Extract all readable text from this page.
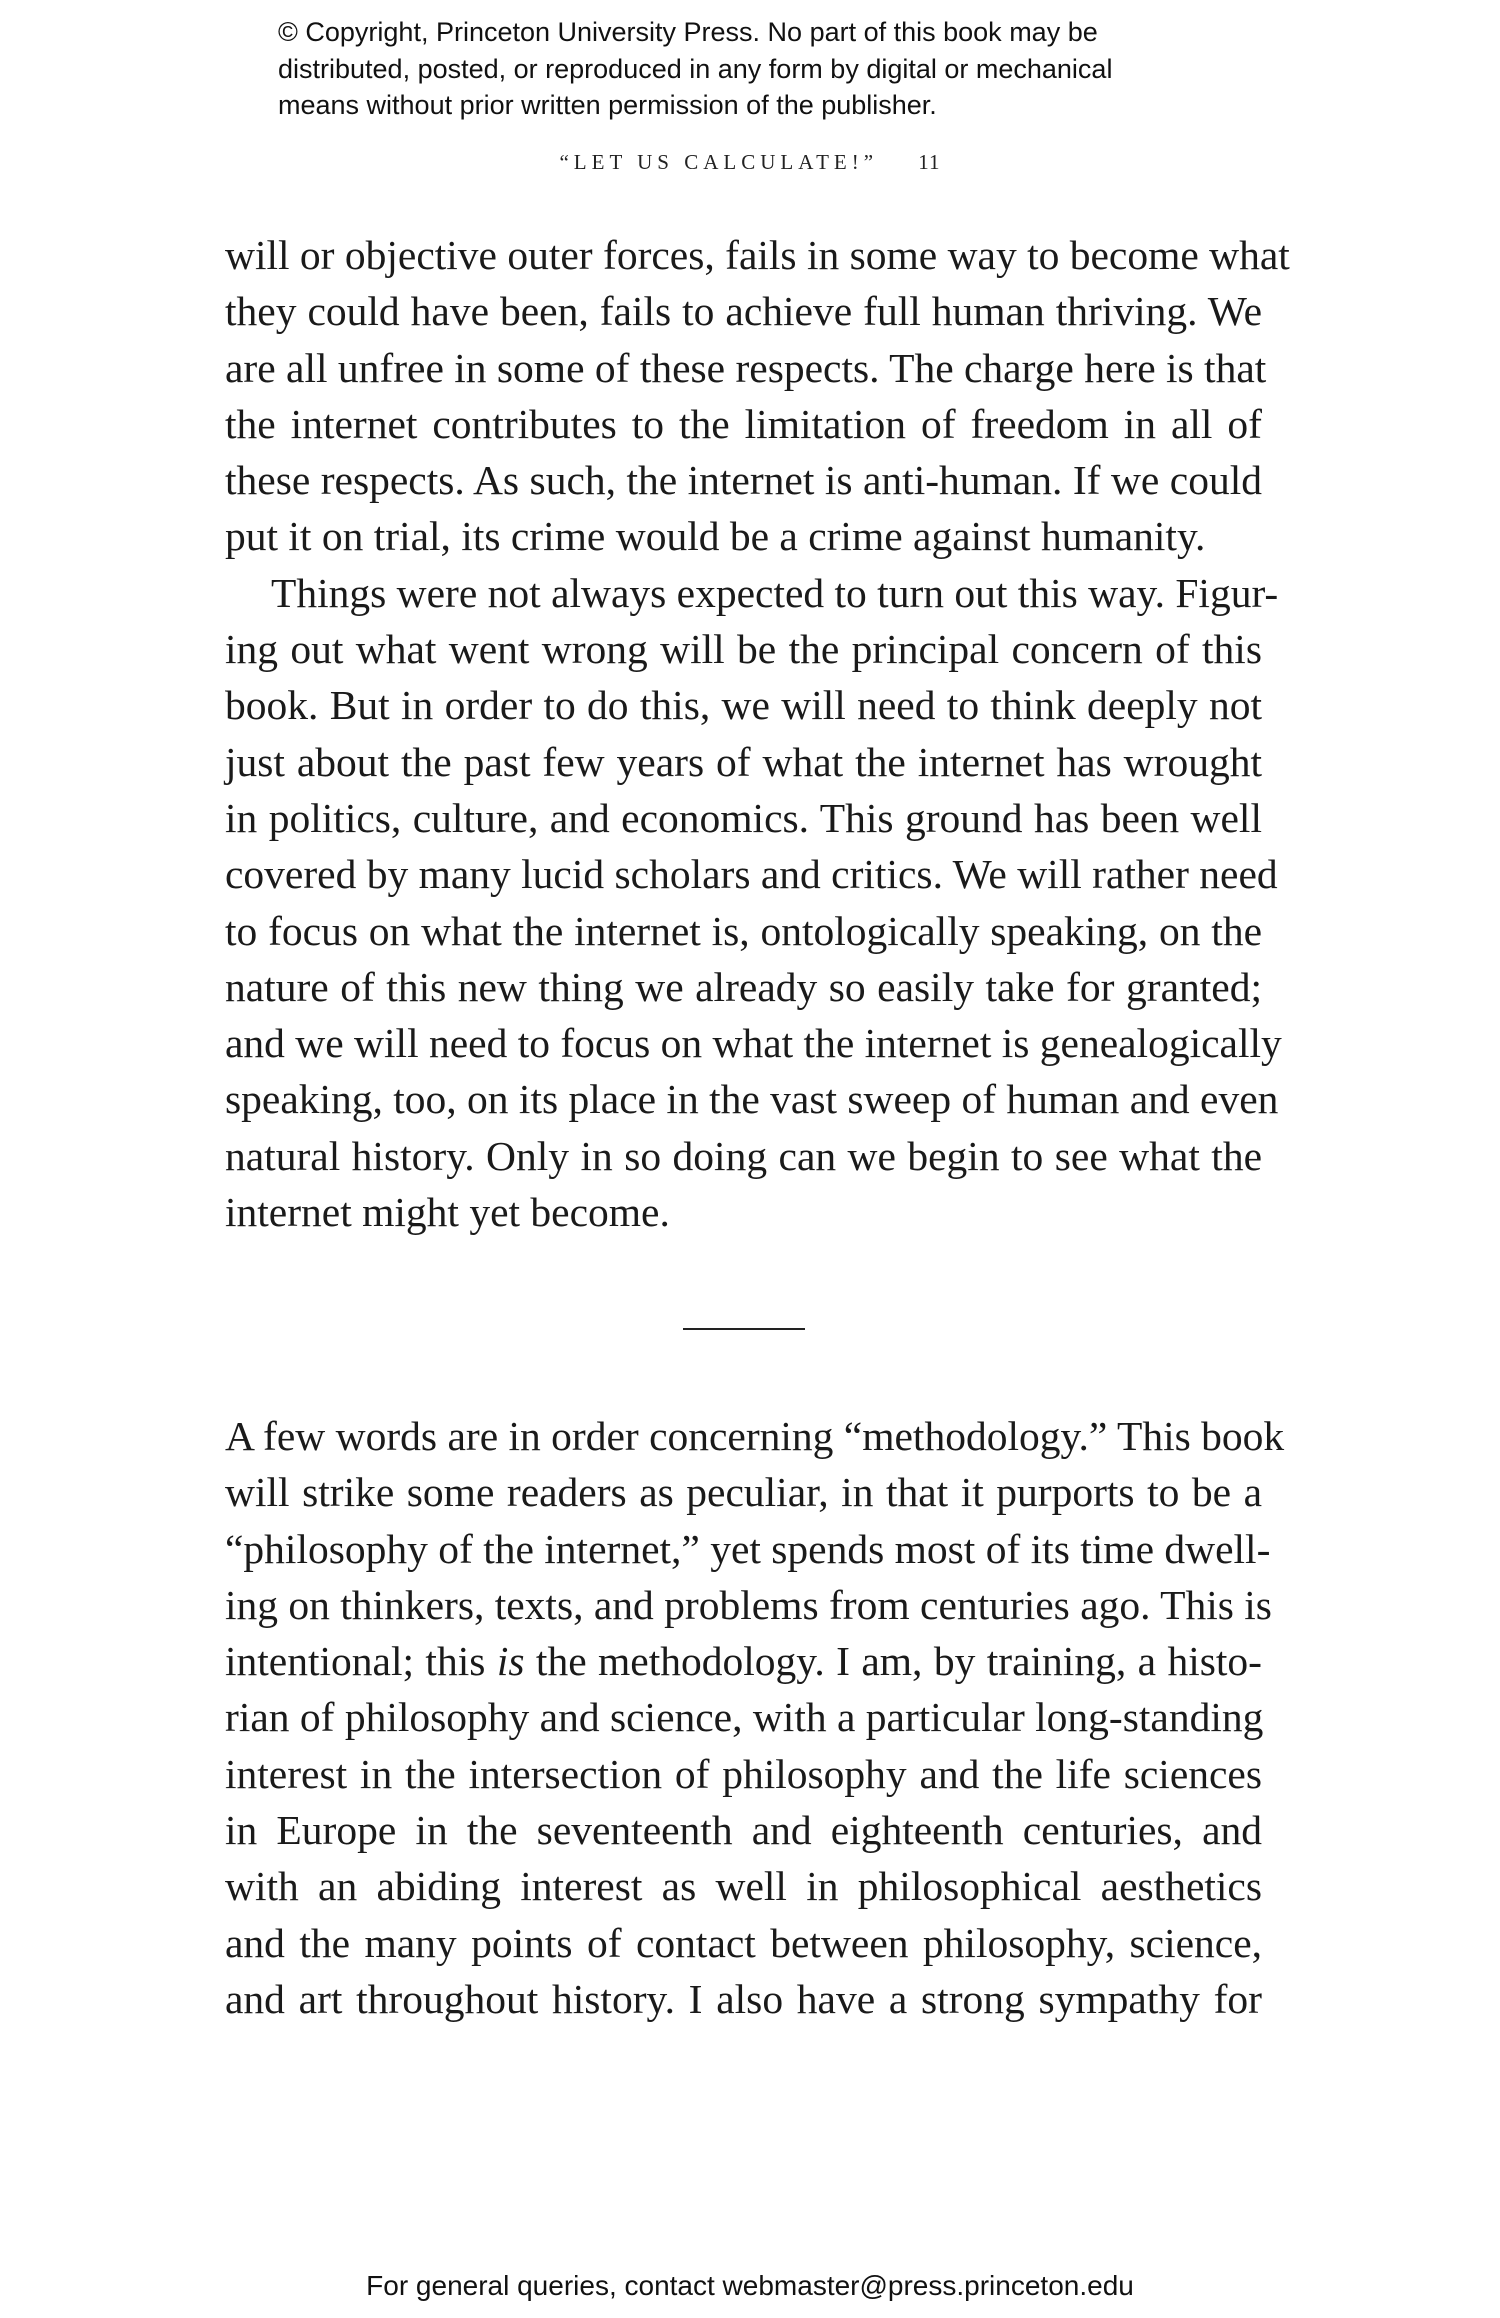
© Copyright, Princeton University Press. No part of this book may be
distributed, posted, or reproduced in any form by digital or mechanical
means without prior written permission of the publisher.
“LET US CALCULATE!” 11
will or objective outer forces, fails in some way to become what
they could have been, fails to achieve full human thriving. We
are all unfree in some of these respects. The charge here is that
the internet contributes to the limitation of freedom in all of
these respects. As such, the internet is anti-human. If we could
put it on trial, its crime would be a crime against humanity.
Things were not always expected to turn out this way. Figur-
ing out what went wrong will be the principal concern of this
book. But in order to do this, we will need to think deeply not
just about the past few years of what the internet has wrought
in politics, culture, and economics. This ground has been well
covered by many lucid scholars and critics. We will rather need
to focus on what the internet is, ontologically speaking, on the
nature of this new thing we already so easily take for granted;
and we will need to focus on what the internet is genealogically
speaking, too, on its place in the vast sweep of human and even
natural history. Only in so doing can we begin to see what the
internet might yet become.
A few words are in order concerning “methodology.” This book
will strike some readers as peculiar, in that it purports to be a
“philosophy of the internet,” yet spends most of its time dwell-
ing on thinkers, texts, and problems from centuries ago. This is
intentional; this is the methodology. I am, by training, a histo-
rian of philosophy and science, with a particular long-standing
interest in the intersection of philosophy and the life sciences
in Europe in the seventeenth and eighteenth centuries, and
with an abiding interest as well in philosophical aesthetics
and the many points of contact between philosophy, science,
and art throughout history. I also have a strong sympathy for
For general queries, contact webmaster@press.princeton.edu
